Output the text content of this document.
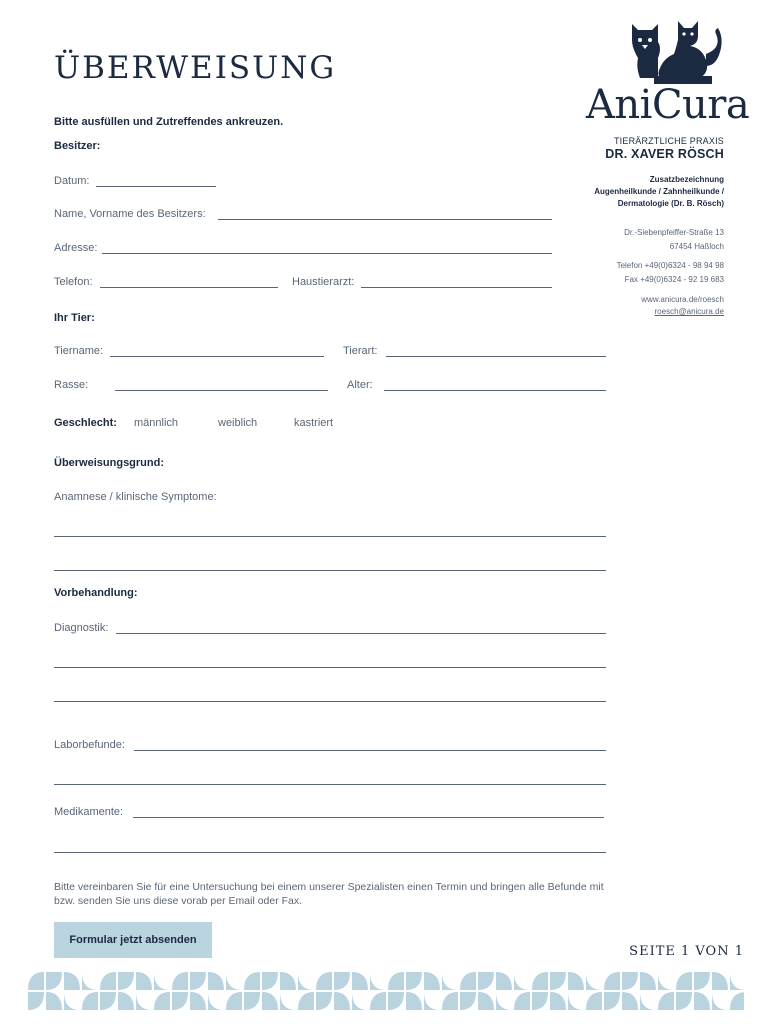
ÜBERWEISUNG
Bitte ausfüllen und Zutreffendes ankreuzen.
Besitzer:
Datum:
Name, Vorname des Besitzers:
Adresse:
Telefon:	Haustierarzt:
Ihr Tier:
Tiername:	Tierart:
Rasse:	Alter:
Geschlecht: männlich	weiblich	kastriert
Überweisungsgrund:
Anamnese / klinische Symptome:
Vorbehandlung:
Diagnostik:
Laborbefunde:
Medikamente:
Bitte vereinbaren Sie für eine Untersuchung bei einem unserer Spezialisten einen Termin und bringen alle Befunde mit bzw. senden Sie uns diese vorab per Email oder Fax.
Formular jetzt absenden
SEITE 1 VON 1
AniCura
TIERÄRZTLICHE PRAXIS
DR. XAVER RÖSCH
Zusatzbezeichnung
Augenheilkunde / Zahnheilkunde /
Dermatologie (Dr. B. Rösch)
Dr.-Siebenpfeiffer-Straße 13
67454 Haßloch
Telefon +49(0)6324 - 98 94 98
Fax +49(0)6324 - 92 19 683
www.anicura.de/roesch
roesch@anicura.de
